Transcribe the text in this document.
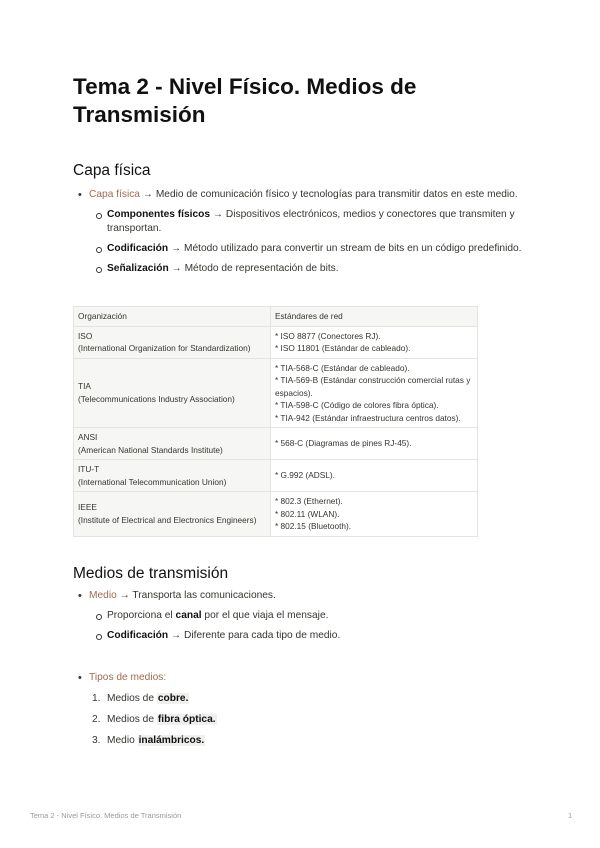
Tema 2 - Nivel Físico. Medios de Transmisión
Capa física
• Capa física → Medio de comunicación físico y tecnologías para transmitir datos en este medio.
Componentes físicos → Dispositivos electrónicos, medios y conectores que transmiten y transportan.
Codificación → Método utilizado para convertir un stream de bits en un código predefinido.
Señalización → Método de representación de bits.
Organización	Estándares de red
ISO
(International Organization for Standardization)	* ISO 8877 (Conectores RJ).
* ISO 11801 (Estándar de cableado).
TIA
(Telecommunications Industry Association)	* TIA-568-C (Estándar de cableado).
* TIA-569-B (Estándar construcción comercial rutas y espacios).
* TIA-598-C (Código de colores fibra óptica).
* TIA-942 (Estándar infraestructura centros datos).
ANSI
(American National Standards Institute)	* 568-C (Diagramas de pines RJ-45).
ITU-T
(International Telecommunication Union)	* G.992 (ADSL).
IEEE
(Institute of Electrical and Electronics Engineers)	* 802.3 (Ethernet).
* 802.11 (WLAN).
* 802.15 (Bluetooth).
Medios de transmisión
• Medio → Transporta las comunicaciones.
Proporciona el canal por el que viaja el mensaje.
Codificación → Diferente para cada tipo de medio.
• Tipos de medios:
1. Medios de cobre.
2. Medios de fibra óptica.
3. Medio inalámbricos.
Tema 2 - Nivel Físico. Medios de Transmisión	1
